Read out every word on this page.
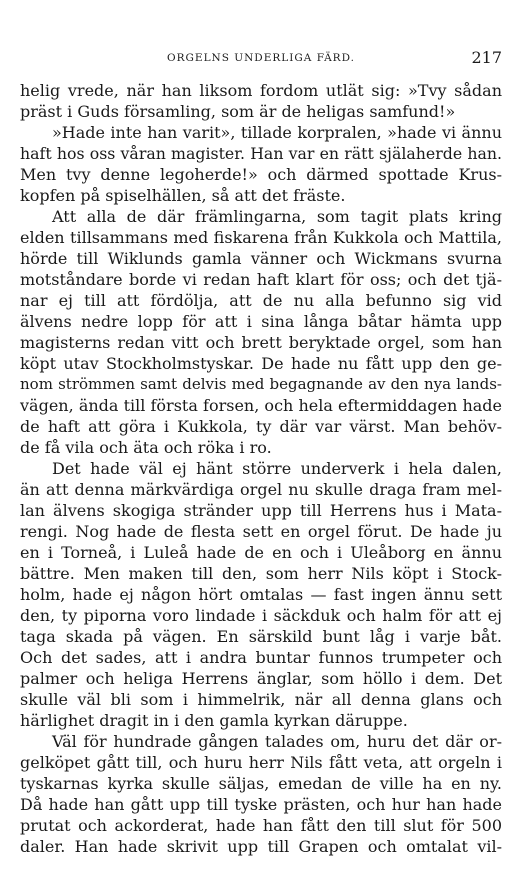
ORGELNS UNDERLIGA FÄRD.	217
helig vrede, när han liksom fordom utlät sig: »Tvy sådan
präst i Guds församling, som är de heligas samfund!»
»Hade inte han varit», tillade korpralen, »hade vi ännu
haft hos oss våran magister. Han var en rätt själaherde han.
Men tvy denne legoherde!» och därmed spottade Krus-
kopfen på spiselhällen, så att det fräste.
Att alla de där främlingarna, som tagit plats kring
elden tillsammans med fiskarena från Kukkola och Mattila,
hörde till Wiklunds gamla vänner och Wickmans svurna
motståndare borde vi redan haft klart för oss; och det tjä-
nar ej till att fördölja, att de nu alla befunno sig vid
älvens nedre lopp för att i sina långa båtar hämta upp
magisterns redan vitt och brett beryktade orgel, som han
köpt utav Stockholmstyskar. De hade nu fått upp den ge-
nom strömmen samt delvis med begagnande av den nya lands-
vägen, ända till första forsen, och hela eftermiddagen hade
de haft att göra i Kukkola, ty där var värst. Man behöv-
de få vila och äta och röka i ro.
Det hade väl ej hänt större underverk i hela dalen,
än att denna märkvärdiga orgel nu skulle draga fram mel-
lan älvens skogiga stränder upp till Herrens hus i Mata-
rengi. Nog hade de flesta sett en orgel förut. De hade ju
en i Torneå, i Luleå hade de en och i Uleåborg en ännu
bättre. Men maken till den, som herr Nils köpt i Stock-
holm, hade ej någon hört omtalas — fast ingen ännu sett
den, ty piporna voro lindade i säckduk och halm för att ej
taga skada på vägen. En särskild bunt låg i varje båt.
Och det sades, att i andra buntar funnos trumpeter och
palmer och heliga Herrens änglar, som höllo i dem. Det
skulle väl bli som i himmelrik, när all denna glans och
härlighet dragit in i den gamla kyrkan däruppe.
Väl för hundrade gången talades om, huru det där or-
gelköpet gått till, och huru herr Nils fått veta, att orgeln i
tyskarnas kyrka skulle säljas, emedan de ville ha en ny.
Då hade han gått upp till tyske prästen, och hur han hade
prutat och ackorderat, hade han fått den till slut för 500
daler. Han hade skrivit upp till Grapen och omtalat vil-
